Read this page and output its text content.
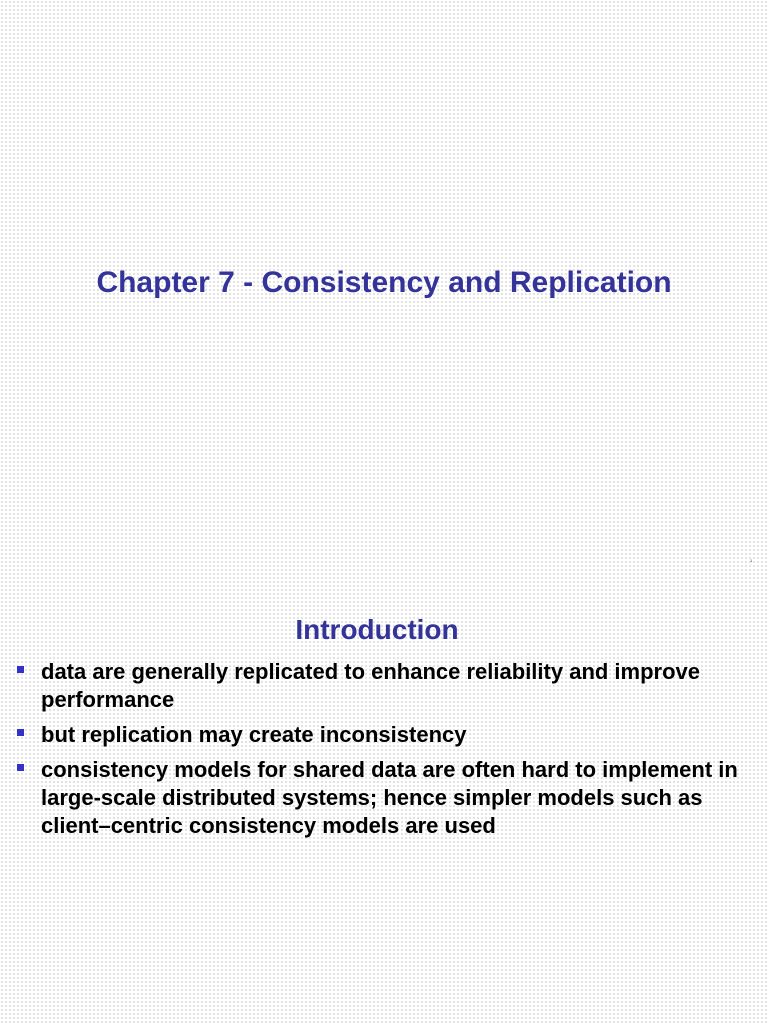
Chapter 7 - Consistency and Replication
1
Introduction
data are generally replicated to enhance reliability and improve performance
but replication may create inconsistency
consistency models for shared data are often hard to implement in large-scale distributed systems; hence simpler models such as client–centric consistency models are used
